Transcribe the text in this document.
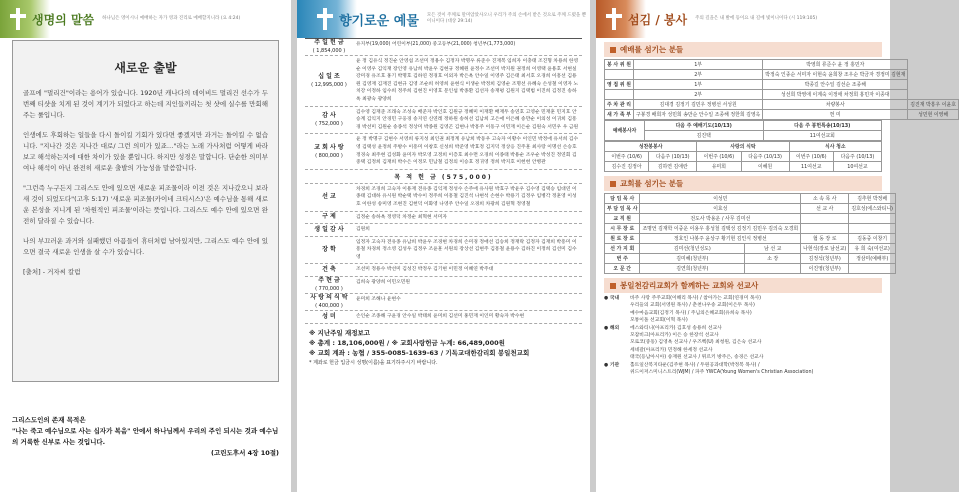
생명의 말씀 하나님은 영이시니 예배하는 자가 영과 진리로 예배할지니라 (요 4:24)
새로운 출발

골프에 "멀리건"이라는 용어가 있습니다. 1920년 캐나다의 데이비드 멀리건 선수가 두 번째 티샷을 치게 된 것이 계기가 되었다고 하는데 지인들끼리는 첫 샷에 실수를 만회해주는 룰입니다.

인생에도 후회하는 일들을 다시 돌이킬 기회가 있다면 좋겠지만 과거는 돌이킬 수 없습니다. "지나간 것은 지나간 대로/ 그런 의미가 있죠…"라는 노래 가사처럼 어떻게 바라보고 해석하는지에 대한 차이가 있을 뿐입니다. 하지만 성경은 말합니다. 단순한 의미부여나 해석이 아닌 완전히 새로운 출발의 가능성을 말씀합니다.

"그런즉 누구든지 그리스도 안에 있으면 새로운 피조물이라 이전 것은 지나갔으니 보라 새 것이 되었도다"(고후 5:17) '새로운 피조물(카이네 크티시스)'은 예수님을 통해 새로운 본성을 지니게 된 '차원적인 피조물'이라는 뜻입니다. 그리스도 예수 안에 있으면 완전히 달라질 수 있습니다.

나의 부끄러운 과거와 실패했던 아픔들이 휴터처럼 남아있지만, 그리스도 예수 안에 있으면 결국 새로운 인생을 살 수가 있습니다.

[출처] - 거자씨 칼럼

그리스도인의 존재 목적은

"나는 죽고 예수님으로 사는 십자가 복음" 안에서 하나님께서 우리의 주인 되시는 것과 예수님의 거룩한 신부로 사는 것입니다.

(고린도후서 4장 10절)

향기로운 예물 모든 것이 주께로 말미암았사오니 우리가 주의 손에서 받은 것으로 주께 드렸을 뿐이니이다 (대상 29:14)
주 일 헌 금
( 1,854,000 )
유지부(19,000) 어린이부(21,000) 중고등부(21,000) 청년부(1,773,000)
십 일 조
( 12,995,000 )
윤 정 김유식 정진순 안영섭 조선미 정용수 김정자 박명우 류준수 진재복 임희자 이충태 조진형 차용희 한영순 이영우 김익재 장인영 유남희 박윤우 김현규 정혜원 윤정수 조선미 박지원 권정희 이영택 윤용호 서현실 강미경 유조호 홍기 박명호 김하연 정경호 이외자 박은옥 안수일 이영주 김은태 최서호 오경희 이흥선 김용원 김영재 김재진 김현규 김영 조순희 허영희 윤현식 이생순 박정희 김영순 조명선 유혜숙 손성철 이영자 노치강 이정하 임수희 정주희 김현진 이영호 문인섭 박종환 김선자 송재평 김원지 김택범 이진희 김정진 송하옥 최광숙 광양희
감 사
( 752,000 )
김수영 김재준 조래숙 조성숙 배준자 박인호 김원규 정혜미 이재환 배재두 송연호 고영순 민재훈 민지호 안승계 김익지 안경민 구웅경 송지연 신연레 정하원 송허선 김남희 고은애 이은혜 송만순 이의성 이귀희 김흥경 박선미 김원순 송종석 정상미 박종원 김영곤 김현나 박흥주 이동구 이민재 이은순 김원숙 서민우 우 금원
교 회 사 랑
( 800,000 )
윤 정 박명구 김현수 서영희 류지성 최인권 최정계 유남희 박동우 고숙자 이황수 이인민 박정애 유서희 김수영 김택성 윤정희 주방수 이흥미 이창호 신성희 박준영 박효정 김지덕 정상응 진주훈 최사랑 이명선 손승호 정경숙 최주현 김성화 윤미자 박모영 고정희 이층호 최수면 오경희 이종태 박용순 조우순 박성진 정연회 김중택 김정희 김재희 박수은 이정모 민남철 김정의 이승호 정귀영 정희 박지호 이헌헌 안병관
목 적 헌 금 (575,000)
선 교
차경희 조경희 고숙자 이용재 전유종 김익재 정성수 손주애 유사원 박효구 박윤우 김수영 김택승 임대연 이종태 김대하 유시원 박순택 박수이 정주희 이흥철 김진석 나현석 손현수 박용기 김정우 임병각 정훈영 이성호 이한성 송미영 조현진 김헌덕 이화영 나영주 안수일 오경희 차광희 김원혁 정영철
구 제	김정순 송하옥 정영덕 차정순 최혁현 서미자
생 일 감 사	김원희
장 학
임정자 고숙자 전유종 유남희 박윤우 조경현 차경희 손미경 정애선 김승희 정재락 김정자 김재희 박흥미 이흥철 차경희 정소영 김성우 김정우 조윤훈 서원의 장상선 김현주 김흥철 윤용수 김하진 이정희 김선미 김수영
건 축	조선미 정용수 박선미 김성진 박정우 김기현 이민정 이혜연 박주대
주 현 금
( 770,000 )
김희숙 광양희 이민오민원
사 랑 의 식 탁
( 400,000 )
윤미희 조해나 윤현수
성 미	손인순 조종해 구윤경 안수일 박태희 윤미희 김선미 홍민재 이인미 황숙자 박수현
※ 지난주일 재정보고
※ 총계 : 18,106,000원 / ※ 교회사랑헌금 누계: 66,489,000원
※ 교회 계좌 : 농협 / 355-0085-1639-63 / 기독교대한감리회 봉일천교회
* 계좌로 헌금 입금시 성명(이름)을 표기하주시기 바랍니다.
섬김 / 봉사 주의 길을은 내 발에 등이요 내 길에 빛이니이다 (시 119:105)
예배를 섬기는 분들
봉 사 위 원	1부	박영희 류준수 윤 정 홍민자	
	2부	박정숙 인종순 서미자 이현숙 윤희창 조우순 박금자 경정미 김현재	
영 접 위 원	1부	박종길 안수일 김선순 조종해	
	2부	성선희 박영애 이계숙 이정애 차정희 홍민자 이종대	
주 차 관 리	김대경 김정기 김민우 정병선 서성원	차량봉사	김진재 박흥우 이윤호
새 가 족 부	구봉경 배희자 성민희 송만순 안수일 조종해 정한희 김영옥	헌 미	성민현 이영해
예배봉사자	다음 주 예배기도(10/13)	다음 주 봉헌특송(10/13)
	김진택	11여선교회
성찬봉봉사		사랑의 식탁		식사 청소	
이번주 (10/6)	다음주 (10/13)	이번주 (10/6)	다음주 (10/13)	이번주 (10/6)	다음주 (10/13)
김수진 김정아	김하연 김애란	유미희	이혜원	11여선교	10여선교
교회를 섬기는 분들
담 임 목 사	이성민		소 속 목 사	김추현 박정배
부 담 임 목 사	이효성		선 교 사	김호성(에스와티니)
교 직 원	전도사 박용운 / 사무 김미선			
시 무 장 로	조명언 김재학 이중운 이용우 홍성철 김택성 김정기 김민우 김의숙 오경희			
원 로 장 로	정호인 나봉주 윤상구 황기현 김인식 정병선		협 동 장 로	김동중 이창기
선 가 지 회	김미선(청년성도)	남 선 교	나현석(장로 남선교)	유 희 숙(여선교)
번 주	김미혜(청년부)	소 장	김정석(청년부)	정삼미(예배부)
오 문 간	김연희(청년부)		이진영(청년부)	
봉일천감리교회가 함께하는 교회와 선교사
● 국내	바주 사랑 주주교회(이해리 목사) / 참아가는 교회(연경미 목사)
우리들의 교회(서영원 목사) / 춘천나우송 교회(이은두 목사)
예수마음교회(김정기 목사) / 주님의은혜교회(유희숙 목사)
모퉁이돌 선교회(이혁 목사)
● 해외	에스와티니(아프리카) 김호성 송용희 선교사
모잠비크(아프리카) 이은 승 한장석 선교사
모로코(중동) 김영옥 선교사 / 우즈벡(U) 최청원, 김은숙 선교사
세네갈(아프리카) 민정해 한세정 선교사
태국(등남아시아) 송재원 선교사 / 튀르키 방주은, 송경은 선교사
● 기관	홀트일산복지타운(김주현 목사) / 두원공과대학(박정복 목사) /
위드이저스미니스트리(WJM) / 파주 YWCA(Young Women's Christian Association)
